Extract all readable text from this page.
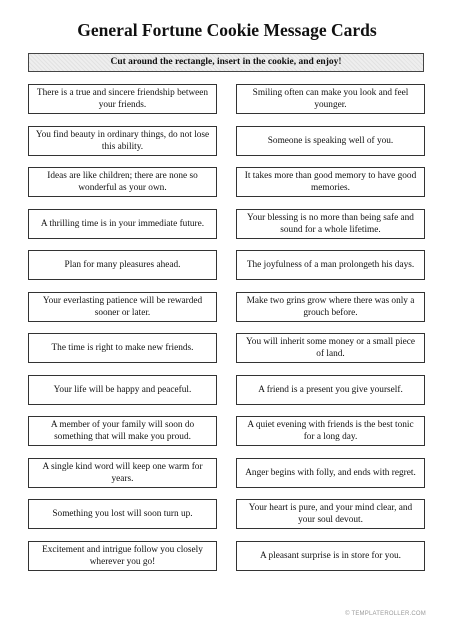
General Fortune Cookie Message Cards
Cut around the rectangle, insert in the cookie, and enjoy!
There is a true and sincere friendship between your friends.
Smiling often can make you look and feel younger.
You find beauty in ordinary things, do not lose this ability.
Someone is speaking well of you.
Ideas are like children; there are none so wonderful as your own.
It takes more than good memory to have good memories.
A thrilling time is in your immediate future.
Your blessing is no more than being safe and sound for a whole lifetime.
Plan for many pleasures ahead.	The joyfulness of a man prolongeth his days.
Your everlasting patience will be rewarded sooner or later.
Make two grins grow where there was only a grouch before.
The time is right to make new friends.
You will inherit some money or a small piece of land.
Your life will be happy and peaceful.	A friend is a present you give yourself.
A member of your family will soon do something that will make you proud.
A quiet evening with friends is the best tonic for a long day.
A single kind word will keep one warm for years.
Anger begins with folly, and ends with regret.
Something you lost will soon turn up.
Your heart is pure, and your mind clear, and your soul devout.
Excitement and intrigue follow you closely wherever you go!
A pleasant surprise is in store for you.
© TEMPLATEROLLER.COM
